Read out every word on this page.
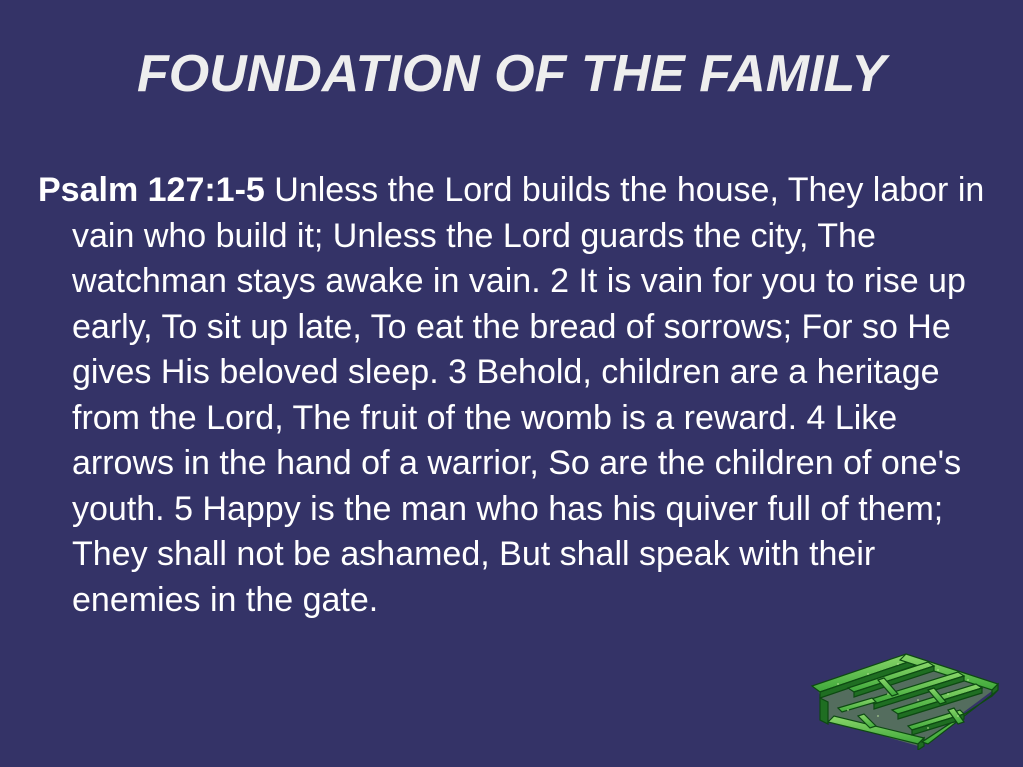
FOUNDATION OF THE FAMILY

Psalm 127:1-5 Unless the Lord builds the house, They labor in vain who build it; Unless the Lord guards the city, The watchman stays awake in vain. 2 It is vain for you to rise up early, To sit up late, To eat the bread of sorrows; For so He gives His beloved sleep. 3 Behold, children are a heritage from the Lord, The fruit of the womb is a reward. 4 Like arrows in the hand of a warrior, So are the children of one's youth. 5 Happy is the man who has his quiver full of them; They shall not be ashamed, But shall speak with their enemies in the gate.
